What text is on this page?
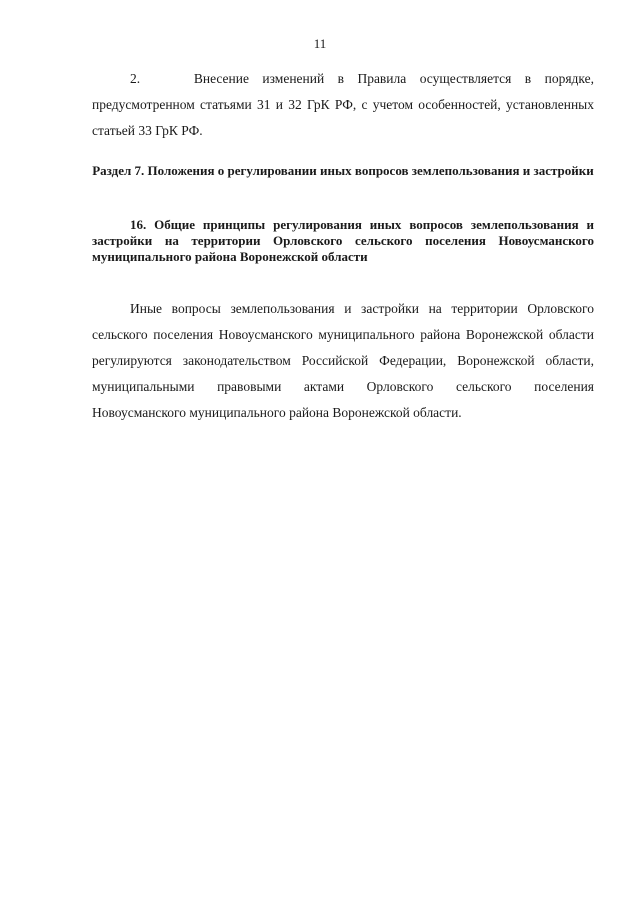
11

2.    Внесение изменений в Правила осуществляется в порядке, предусмотренном статьями 31 и 32 ГрК РФ, с учетом особенностей, установленных статьей 33 ГрК РФ.

Раздел 7. Положения о регулировании иных вопросов землепользования и застройки

16. Общие принципы регулирования иных вопросов землепользования и застройки на территории Орловского сельского поселения Новоусманского муниципального района Воронежской области

Иные вопросы землепользования и застройки на территории Орловского сельского поселения Новоусманского муниципального района Воронежской области регулируются законодательством Российской Федерации, Воронежской области, муниципальными правовыми актами Орловского сельского поселения Новоусманского муниципального района Воронежской области.
